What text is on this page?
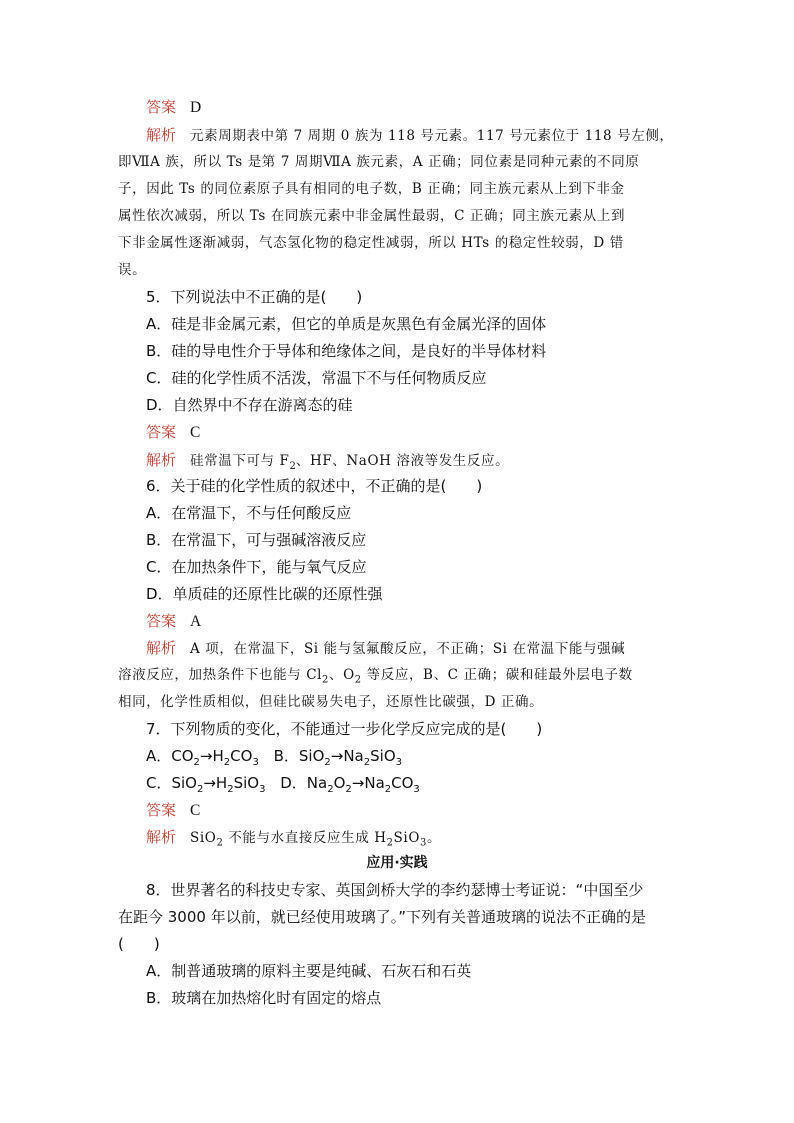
答案 D
解析 元素周期表中第 7 周期 0 族为 118 号元素。117 号元素位于 118 号左侧，
即ⅦA 族，所以 Ts 是第 7 周期ⅦA 族元素，A 正确；同位素是同种元素的不同原
子，因此 Ts 的同位素原子具有相同的电子数，B 正确；同主族元素从上到下非金
属性依次减弱，所以 Ts 在同族元素中非金属性最弱，C 正确；同主族元素从上到
下非金属性逐渐减弱，气态氢化物的稳定性减弱，所以 HTs 的稳定性较弱，D 错
误。
5．下列说法中不正确的是(　　)
A．硅是非金属元素，但它的单质是灰黑色有金属光泽的固体
B．硅的导电性介于导体和绝缘体之间，是良好的半导体材料
C．硅的化学性质不活泼，常温下不与任何物质反应
D．自然界中不存在游离态的硅
答案 C
解析 硅常温下可与 $F_2$、HF、NaOH 溶液等发生反应。
6．关于硅的化学性质的叙述中，不正确的是(　　)
A．在常温下，不与任何酸反应
B．在常温下，可与强碱溶液反应
C．在加热条件下，能与氧气反应
D．单质硅的还原性比碳的还原性强
答案 A
解析 A 项，在常温下，Si 能与氢氟酸反应，不正确；Si 在常温下能与强碱
溶液反应，加热条件下也能与 $Cl_2$、$O_2$ 等反应，B、C 正确；碳和硅最外层电子数
相同，化学性质相似，但硅比碳易失电子，还原性比碳强，D 正确。
7．下列物质的变化，不能通过一步化学反应完成的是(　　)
A．$CO_2\to H_2CO_3$ B．$SiO_2\to Na_2SiO_3$
C．$SiO_2\to H_2SiO_3$ D．$Na_2O_2\to Na_2CO_3$
答案 C
解析 SiO$_2$ 不能与水直接反应生成 $H_2SiO_3$。
应用·实践
8．世界著名的科技史专家、英国剑桥大学的李约瑟博士考证说：“中国至少
在距今 3000 年以前，就已经使用玻璃了。”下列有关普通玻璃的说法不正确的是
(　　)
A．制普通玻璃的原料主要是纯碱、石灰石和石英
B．玻璃在加热熔化时有固定的熔点
